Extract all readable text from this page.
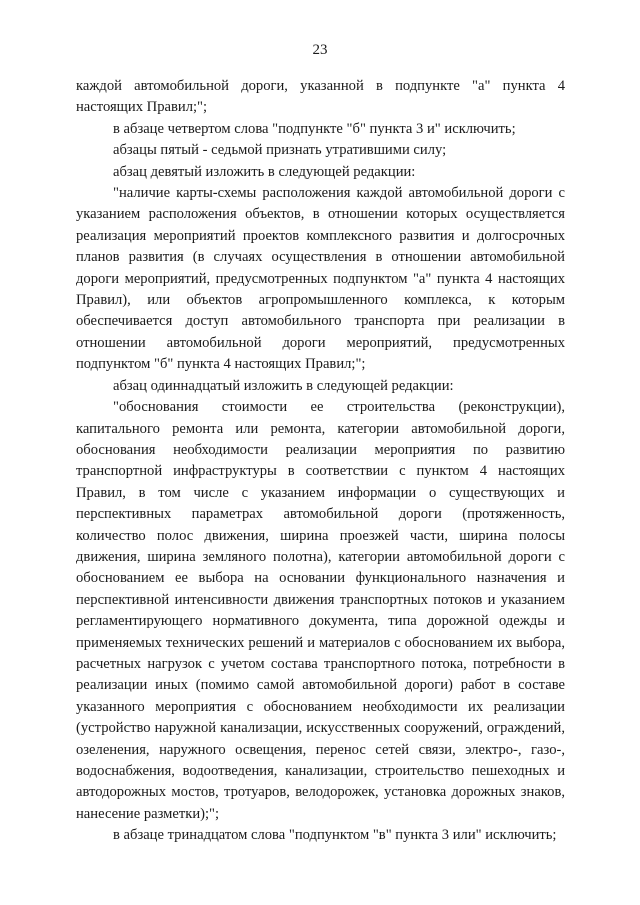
23

каждой автомобильной дороги, указанной в подпункте "а" пункта 4 настоящих Правил;";

в абзаце четвертом слова "подпункте "б" пункта 3 и" исключить;

абзацы пятый - седьмой признать утратившими силу;

абзац девятый изложить в следующей редакции:

"наличие карты-схемы расположения каждой автомобильной дороги с указанием расположения объектов, в отношении которых осуществляется реализация мероприятий проектов комплексного развития и долгосрочных планов развития (в случаях осуществления в отношении автомобильной дороги мероприятий, предусмотренных подпунктом "а" пункта 4 настоящих Правил), или объектов агропромышленного комплекса, к которым обеспечивается доступ автомобильного транспорта при реализации в отношении автомобильной дороги мероприятий, предусмотренных подпунктом "б" пункта 4 настоящих Правил;";

абзац одиннадцатый изложить в следующей редакции:

"обоснования стоимости ее строительства (реконструкции), капитального ремонта или ремонта, категории автомобильной дороги, обоснования необходимости реализации мероприятия по развитию транспортной инфраструктуры в соответствии с пунктом 4 настоящих Правил, в том числе с указанием информации о существующих и перспективных параметрах автомобильной дороги (протяженность, количество полос движения, ширина проезжей части, ширина полосы движения, ширина земляного полотна), категории автомобильной дороги с обоснованием ее выбора на основании функционального назначения и перспективной интенсивности движения транспортных потоков и указанием регламентирующего нормативного документа, типа дорожной одежды и применяемых технических решений и материалов с обоснованием их выбора, расчетных нагрузок с учетом состава транспортного потока, потребности в реализации иных (помимо самой автомобильной дороги) работ в составе указанного мероприятия с обоснованием необходимости их реализации (устройство наружной канализации, искусственных сооружений, ограждений, озеленения, наружного освещения, перенос сетей связи, электро-, газо-, водоснабжения, водоотведения, канализации, строительство пешеходных и автодорожных мостов, тротуаров, велодорожек, установка дорожных знаков, нанесение разметки);";

в абзаце тринадцатом слова "подпунктом "в" пункта 3 или" исключить;
